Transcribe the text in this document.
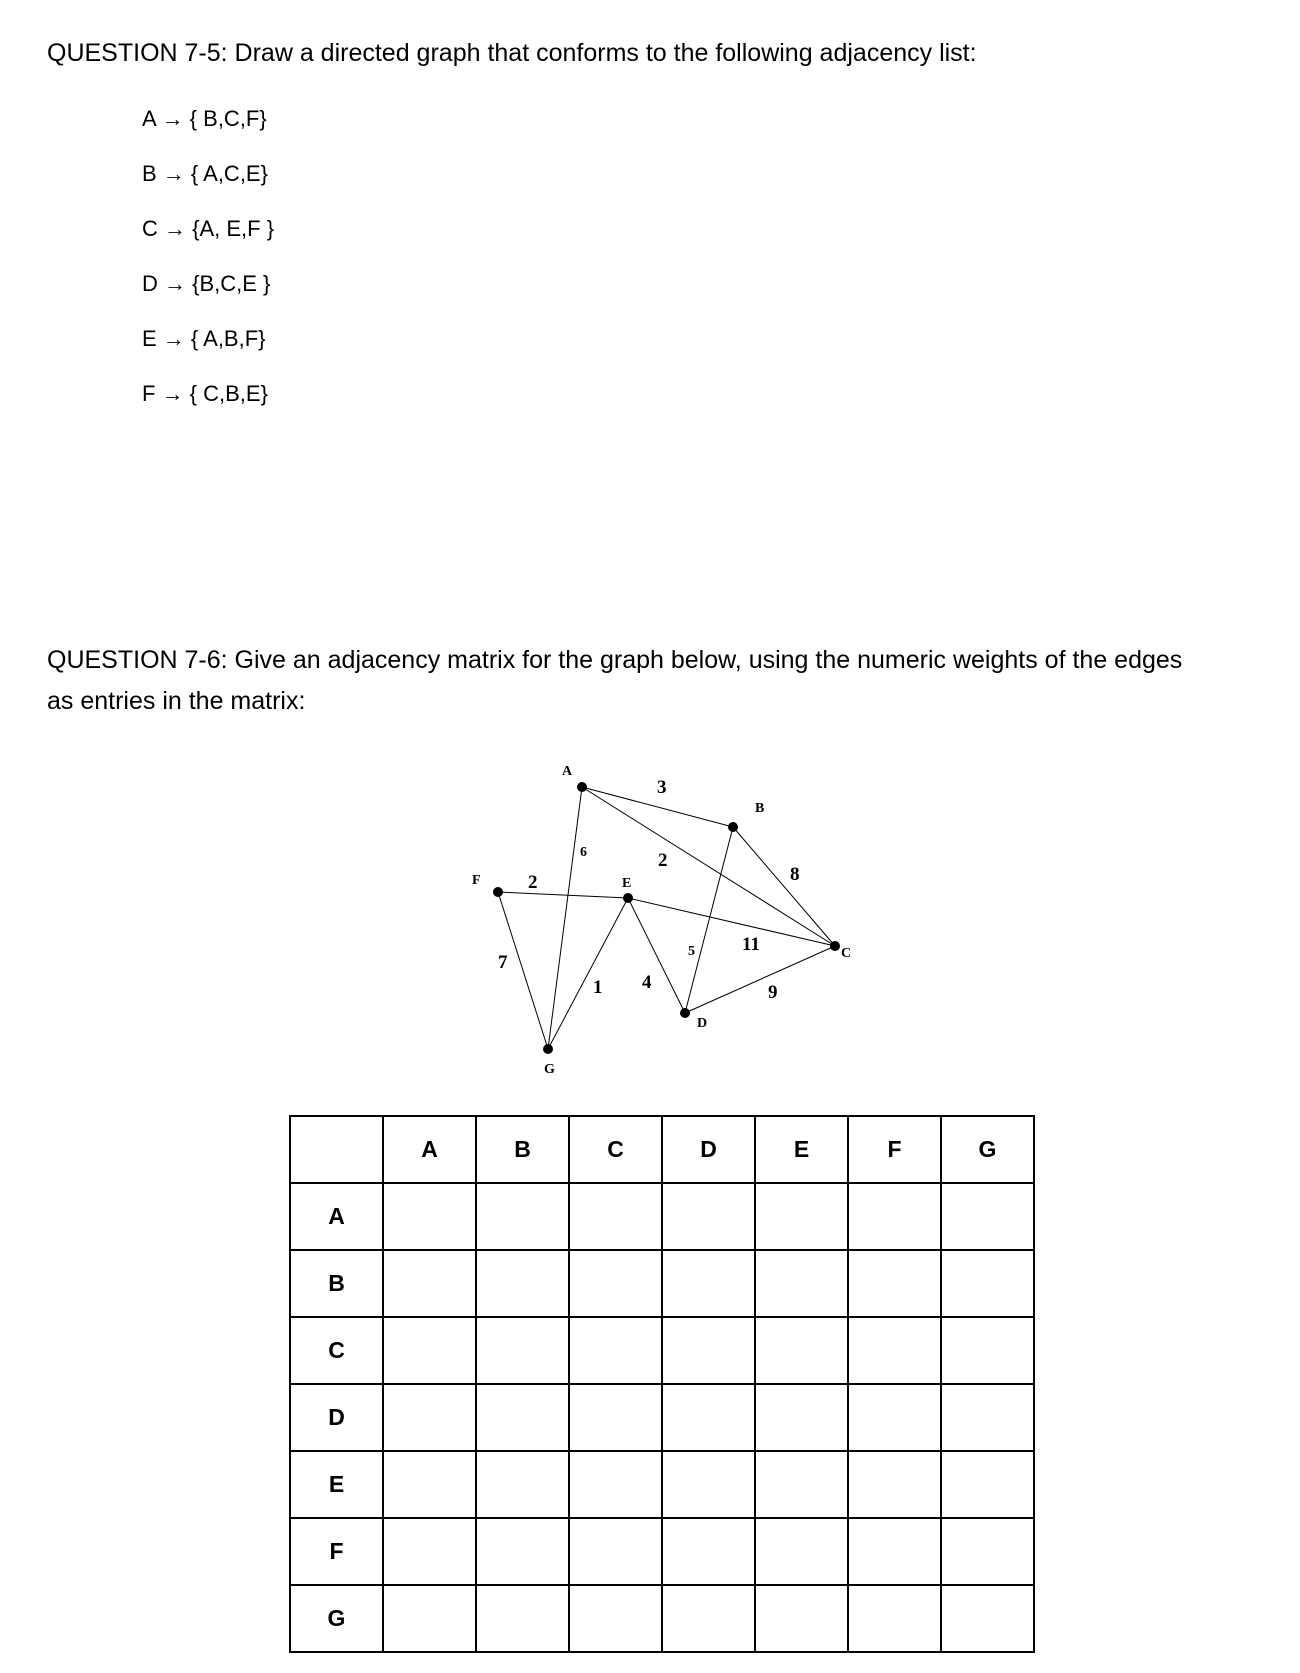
QUESTION 7-5: Draw a directed graph that conforms to the following adjacency list:
A → { B,C,F}
B → { A,C,E}
C → {A, E,F }
D → {B,C,E }
E → { A,B,F}
F → { C,B,E}
QUESTION 7-6: Give an adjacency matrix for the graph below, using the numeric weights of the edges
as entries in the matrix:
A
B
C
D
E
F
G
3
6	2
8
2
11
5
7
1 4	9
	A	B	C	D	E	F	G
A							
B							
C							
D							
E							
F							
G							
